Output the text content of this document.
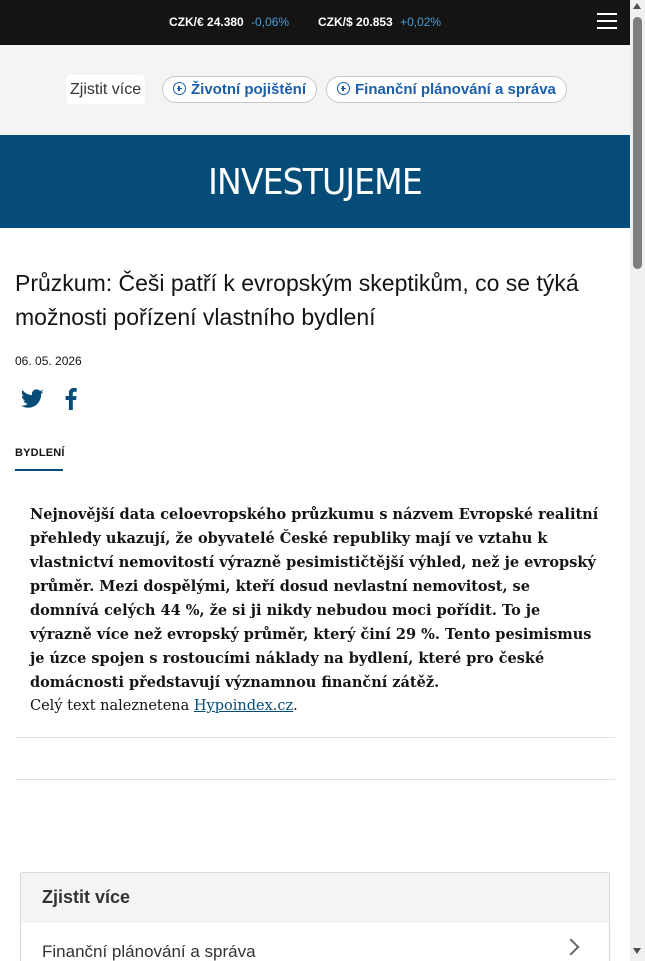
CZK/€ 24.380 -0,06% CZK/$ 20.853 +0,02%
Zjistit více	Životní pojištění	Finanční plánování a správa
INVESTUJEME
Průzkum: Češi patří k evropským skeptikům, co se týká možnosti pořízení vlastního bydlení
06. 05. 2026
BYDLENÍ

Nejnovější data celoevropského průzkumu s názvem Evropské realitní přehledy ukazují, že obyvatelé České republiky mají ve vztahu k vlastnictví nemovitostí výrazně pesimističtější výhled, než je evropský průměr. Mezi dospělými, kteří dosud nevlastní nemovitost, se domnívá celých 44 %, že si ji nikdy nebudou moci pořídit. To je výrazně více než evropský průměr, který činí 29 %. Tento pesimismus je úzce spojen s rostoucími náklady na bydlení, které pro české domácnosti představují významnou finanční zátěž.

Celý text naleznetena Hypoindex.cz.

Zjistit více
Finanční plánování a správa
